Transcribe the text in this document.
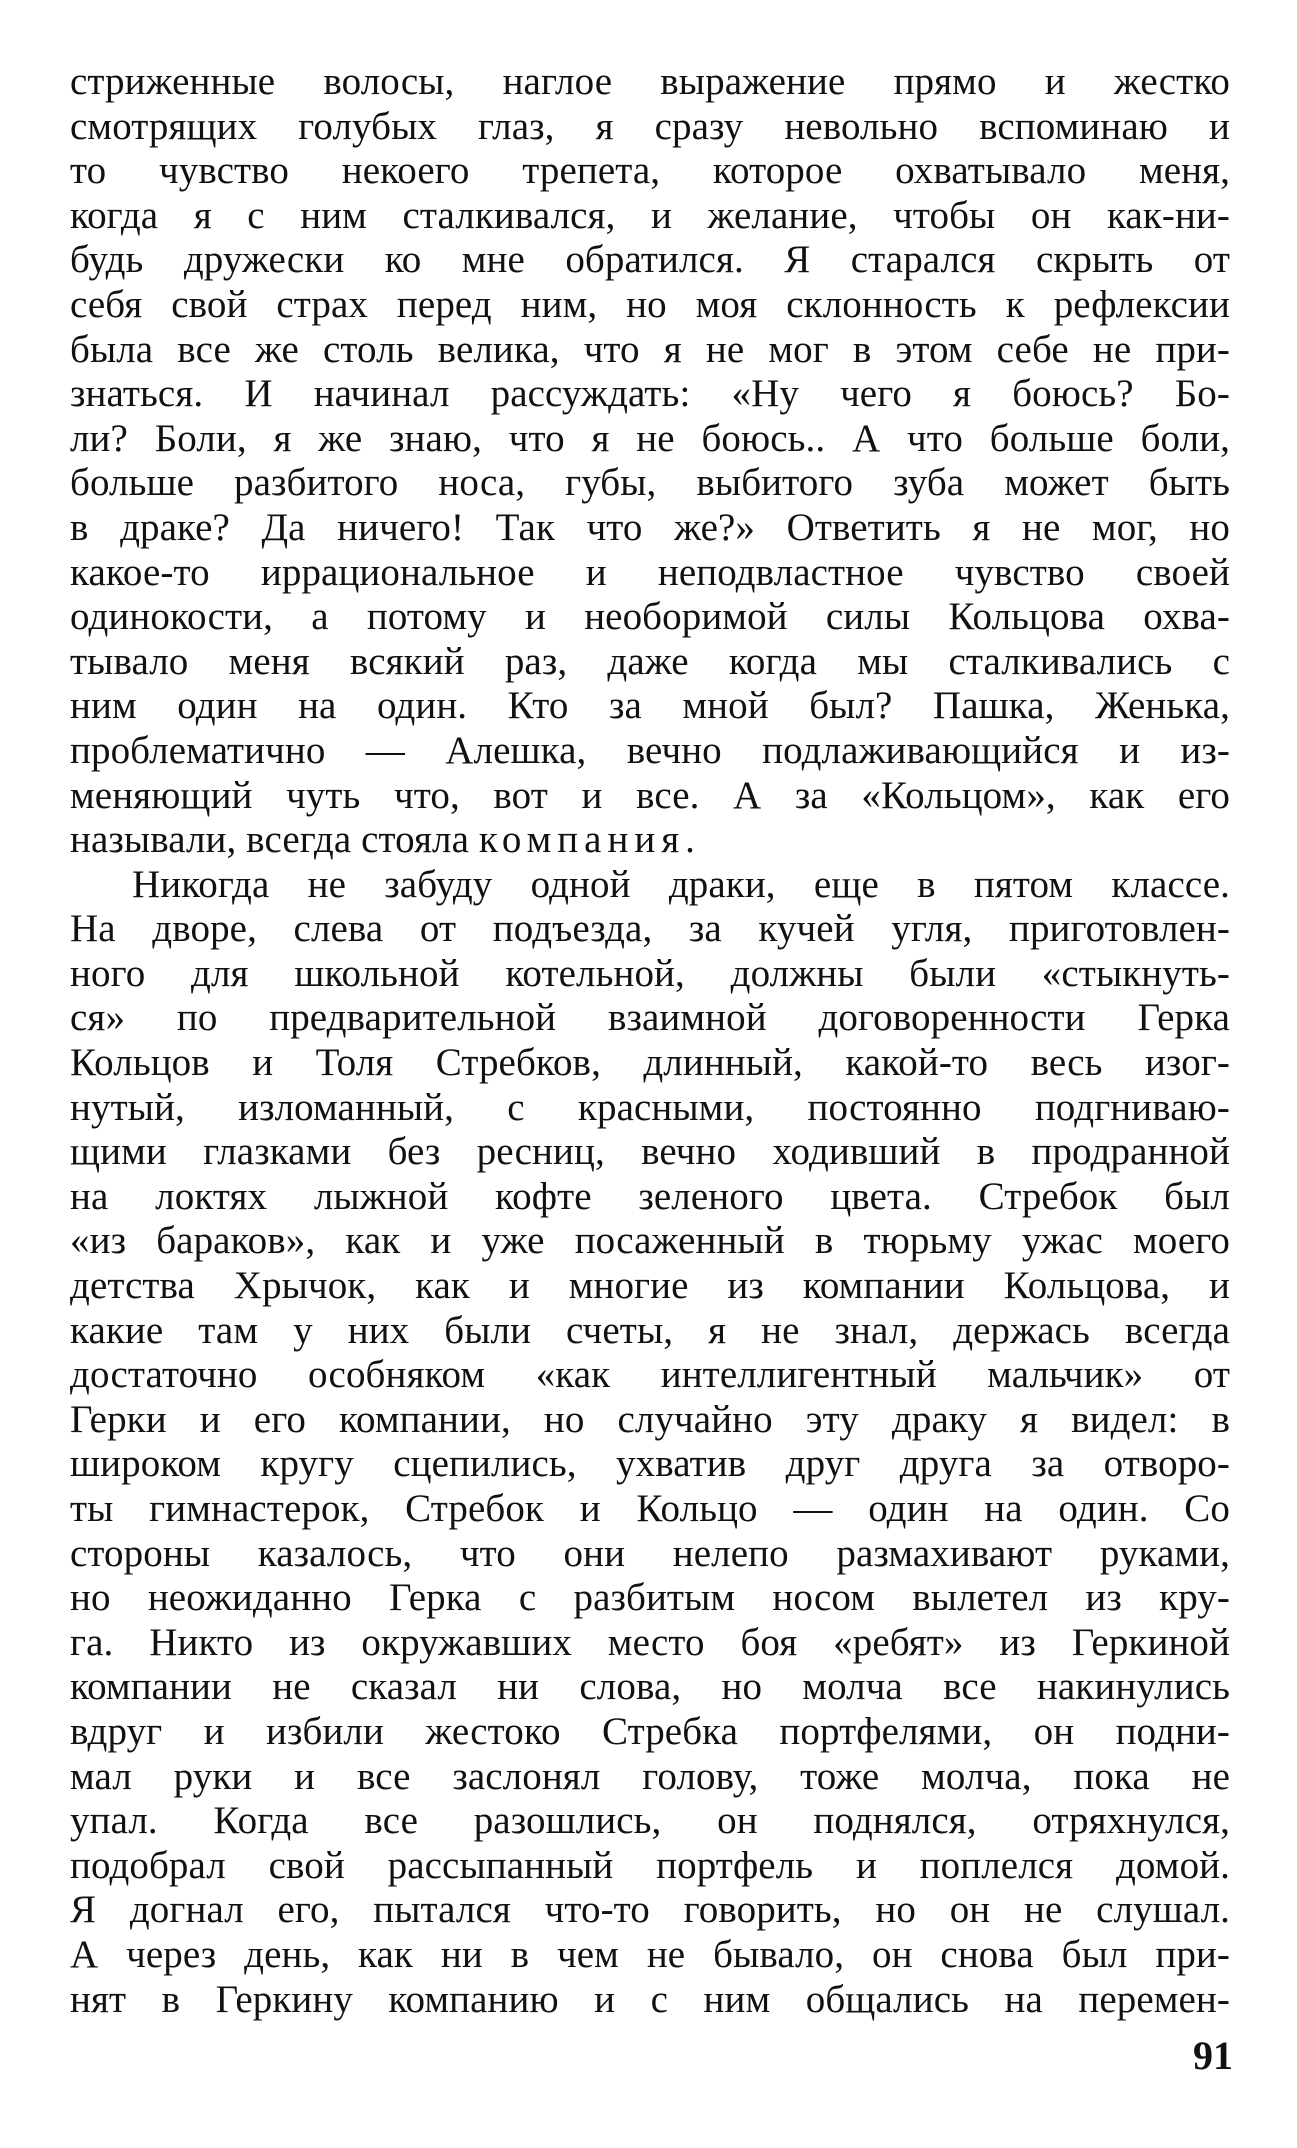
стриженные волосы, наглое выражение прямо и жестко
смотрящих голубых глаз, я сразу невольно вспоминаю и
то чувство некоего трепета, которое охватывало меня,
когда я с ним сталкивался, и желание, чтобы он как-ни-
будь дружески ко мне обратился. Я старался скрыть от
себя свой страх перед ним, но моя склонность к рефлексии
была все же столь велика, что я не мог в этом себе не при-
знаться. И начинал рассуждать: «Ну чего я боюсь? Бо-
ли? Боли, я же знаю, что я не боюсь.. А что больше боли,
больше разбитого носа, губы, выбитого зуба может быть
в драке? Да ничего! Так что же?» Ответить я не мог, но
какое-то иррациональное и неподвластное чувство своей
одинокости, а потому и необоримой силы Кольцова охва-
тывало меня всякий раз, даже когда мы сталкивались с
ним один на один. Кто за мной был? Пашка, Женька,
проблематично — Алешка, вечно подлаживающийся и из-
меняющий чуть что, вот и все. А за «Кольцом», как его
называли, всегда стояла компания.
Никогда не забуду одной драки, еще в пятом классе.
На дворе, слева от подъезда, за кучей угля, приготовлен-
ного для школьной котельной, должны были «стыкнуть-
ся» по предварительной взаимной договоренности Герка
Кольцов и Толя Стребков, длинный, какой-то весь изог-
нутый, изломанный, с красными, постоянно подгниваю-
щими глазками без ресниц, вечно ходивший в продранной
на локтях лыжной кофте зеленого цвета. Стребок был
«из бараков», как и уже посаженный в тюрьму ужас моего
детства Хрычок, как и многие из компании Кольцова, и
какие там у них были счеты, я не знал, держась всегда
достаточно особняком «как интеллигентный мальчик» от
Герки и его компании, но случайно эту драку я видел: в
широком кругу сцепились, ухватив друг друга за отворо-
ты гимнастерок, Стребок и Кольцо — один на один. Со
стороны казалось, что они нелепо размахивают руками,
но неожиданно Герка с разбитым носом вылетел из кру-
га. Никто из окружавших место боя «ребят» из Геркиной
компании не сказал ни слова, но молча все накинулись
вдруг и избили жестоко Стребка портфелями, он подни-
мал руки и все заслонял голову, тоже молча, пока не
упал. Когда все разошлись, он поднялся, отряхнулся,
подобрал свой рассыпанный портфель и поплелся домой.
Я догнал его, пытался что-то говорить, но он не слушал.
А через день, как ни в чем не бывало, он снова был при-
нят в Геркину компанию и с ним общались на перемен-
91
